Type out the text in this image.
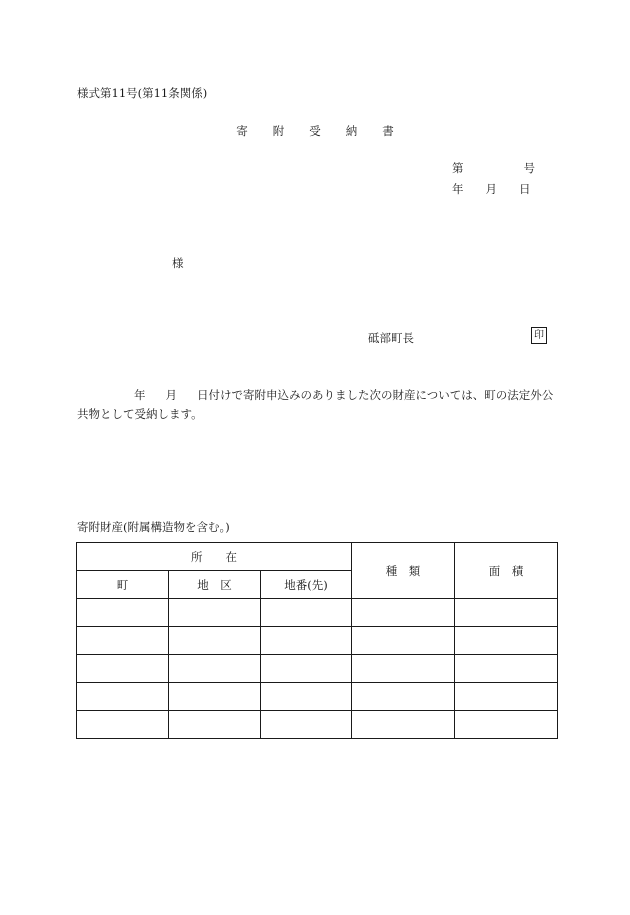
様式第11号(第11条関係)
寄 附 受 納 書
第	号
年 月 日
様
砥部町長	印
年 月 日付けで寄附申込みのありました次の財産については、町の法定外公共物として受納します。
寄附財産(附属構造物を含む。)
所　　在			種　類	面　積
町	地　区	地番(先)		
